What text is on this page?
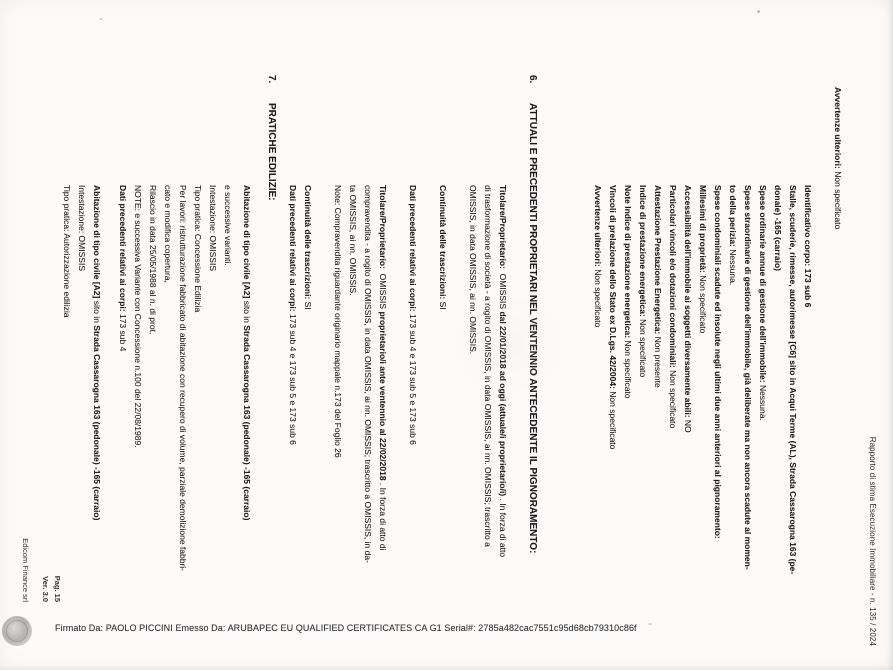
Rapporto di stima Esecuzione Immobiliare - n. 135 / 2024
Avvertenze ulteriori: Non specificato
Identificativo corpo: 173 sub 6
Stalle, scuderie, rimesse, autorimesse [C6] sito in Acqui Terme (AL), Strada Cassarogna 163 (pe-
donale) -165 (carraio)
Spese ordinarie annue di gestione dell'immobile: Nessuna.
Spese straordinarie di gestione dell'immobile, già deliberate ma non ancora scadute al momen-
to della perizia: Nessuna.
Spese condominiali scadute ed insolute negli ultimi due anni anteriori al pignoramento:
Millesimi di proprietà: Non specificato
Accessibilità dell'immobile ai soggetti diversamente abili: NO
Particolari vincoli e/o dotazioni condominiali: Non specificato
Attestazione Prestazione Energetica: Non presente
Indice di prestazione energetica: Non specificato
Note Indice di prestazione energetica: Non specificato
Vincoli di prelazione dello Stato ex D.Lgs. 42/2004: Non specificato
Avvertenze ulteriori: Non specificato
6.ATTUALI E PRECEDENTI PROPRIETARI NEL VENTENNIO ANTECEDENTE IL PIGNORAMENTO:
Titolare/Proprietario:  OMISSIS dal 22/01/2018 ad oggi (attuale/i proprietario/i) . In forza di atto
di trasformazione di società - a rogito di OMISSIS, in data OMISSIS, ai nn. OMISSIS; trascritto a
OMISSIS, in data OMISSIS, ai nn. OMISSIS.
Continuità delle trascrizioni: SI
Dati precedenti relativi ai corpi: 173 sub 4 e 173 sub 5 e 173 sub 6
Titolare/Proprietario:  OMISSIS proprietario/i ante ventennio al 22/02/2018 . In forza di atto di
compravendita - a rogito di OMISSIS, in data OMISSIS, ai nn. OMISSIS; trascritto a OMISSIS, in da-
ta OMISSIS, ai nn. OMISSIS.
Note: Compravendita riguardante originario mappale n.173 del Foglio 26
Continuità delle trascrizioni: SI
Dati precedenti relativi ai corpi: 173 sub 4 e 173 sub 5 e 173 sub 6
7.PRATICHE EDILIZIE:
Abitazione di tipo civile [A2] sito in Strada Cassarogna 163 (pedonale) -165 (carraio)
e successive varianti.
Intestazione: OMISSIS
Tipo pratica: Concessione Edilizia
Per lavori: ristrutturazione fabbricato di abitazione con recupero di volume, parziale demolizione fabbri-
cato e modifica copertura,
Rilascio in data 25/05/1988 al n. di prot.
NOTE: e successiva Variante con Concessione n.100 del 22/08/1989.
Dati precedenti relativi ai corpi: 173 sub 4
Abitazione di tipo civile [A2] sito in Strada Cassarogna 163 (pedonale) -165 (carraio)
Intestazione: OMISSIS
Tipo pratica: Autorizzazione edilizia
Pag. 15
Ver. 3.0
Edicom Finance srl
Firmato Da: PAOLO PICCINI Emesso Da: ARUBAPEC EU QUALIFIED CERTIFICATES CA G1 Serial#: 2785a482cac7551c95d68cb79310c86f
